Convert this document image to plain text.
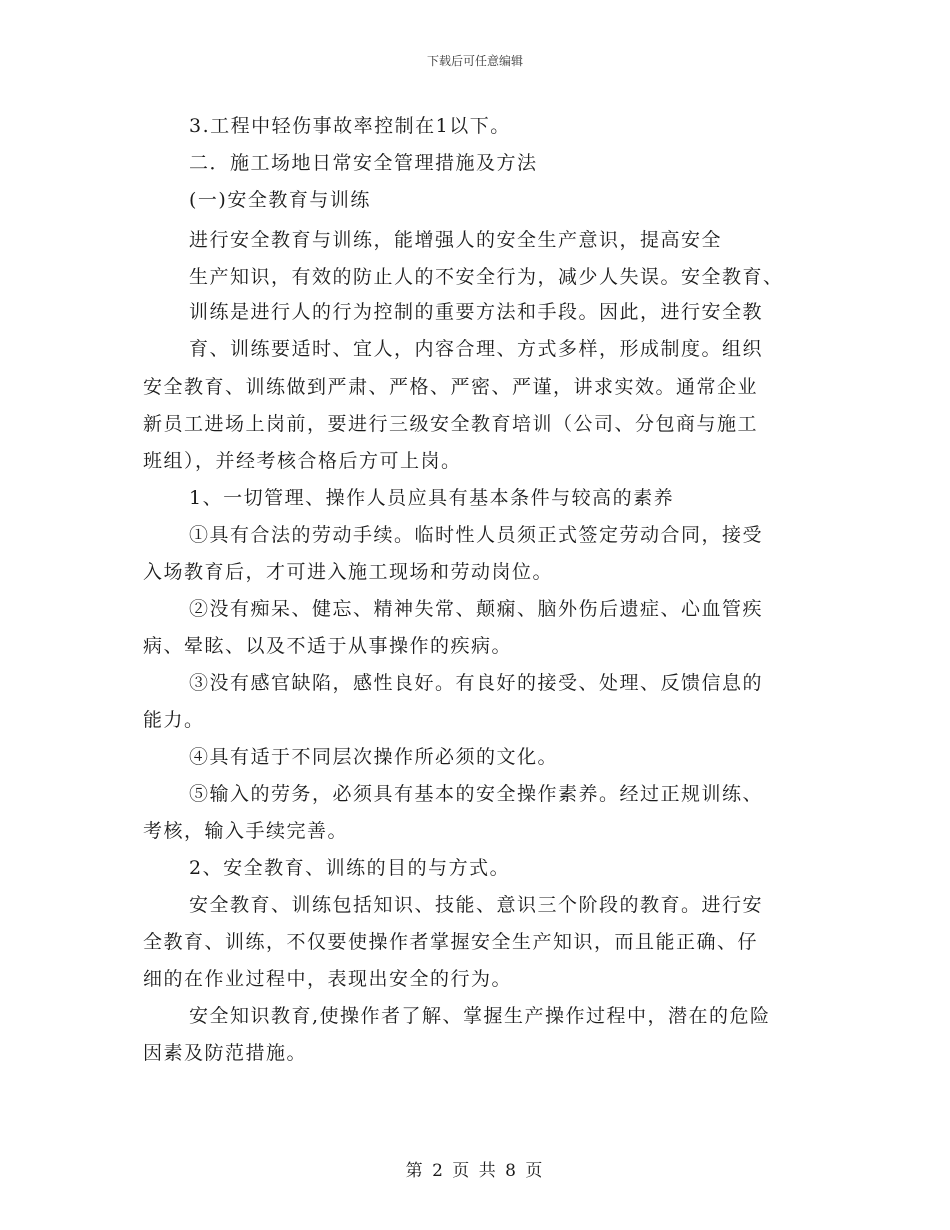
下载后可任意编辑
3.工程中轻伤事故率控制在1以下。
二．施工场地日常安全管理措施及方法
(一)安全教育与训练
进行安全教育与训练，能增强人的安全生产意识，提高安全
生产知识，有效的防止人的不安全行为，减少人失误。安全教育、
训练是进行人的行为控制的重要方法和手段。因此，进行安全教
育、训练要适时、宜人，内容合理、方式多样，形成制度。组织
安全教育、训练做到严肃、严格、严密、严谨，讲求实效。通常企业
新员工进场上岗前，要进行三级安全教育培训（公司、分包商与施工
班组），并经考核合格后方可上岗。
1、一切管理、操作人员应具有基本条件与较高的素养
①具有合法的劳动手续。临时性人员须正式签定劳动合同，接受
入场教育后，才可进入施工现场和劳动岗位。
②没有痴呆、健忘、精神失常、颠痫、脑外伤后遗症、心血管疾
病、晕眩、以及不适于从事操作的疾病。
③没有感官缺陷，感性良好。有良好的接受、处理、反馈信息的
能力。
④具有适于不同层次操作所必须的文化。
⑤输入的劳务，必须具有基本的安全操作素养。经过正规训练、
考核，输入手续完善。
2、安全教育、训练的目的与方式。
安全教育、训练包括知识、技能、意识三个阶段的教育。进行安
全教育、训练，不仅要使操作者掌握安全生产知识，而且能正确、仔
细的在作业过程中，表现出安全的行为。
安全知识教育,使操作者了解、掌握生产操作过程中，潜在的危险
因素及防范措施。
第 2 页 共 8 页
